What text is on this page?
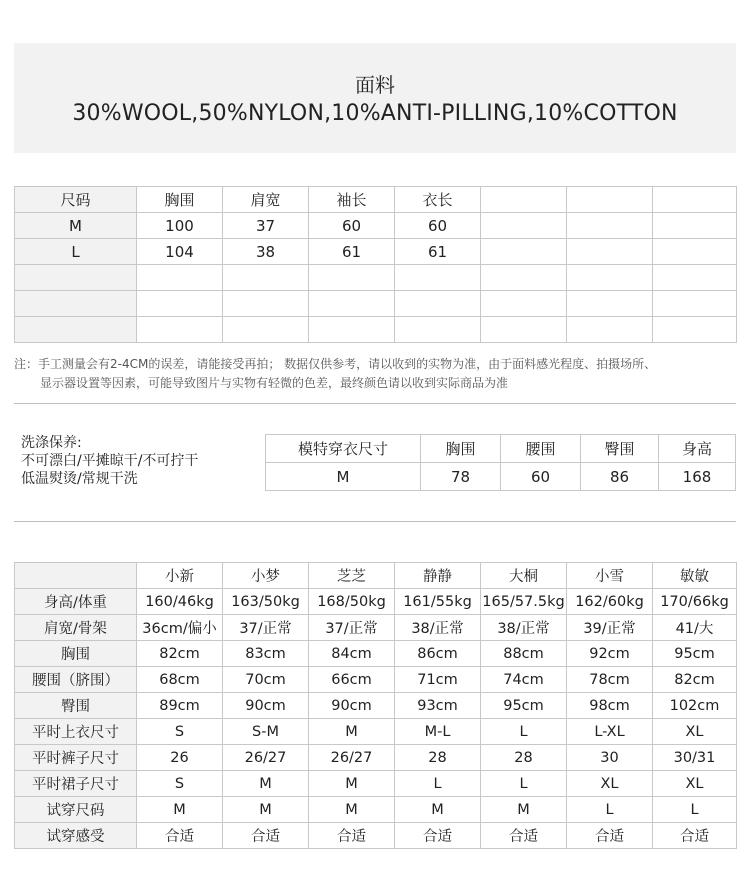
面料
30%WOOL,50%NYLON,10%ANTI-PILLING,10%COTTON
尺码	胸围	肩宽	袖长	衣长			
M	100	37	60	60			
L	104	38	61	61			

注：手工测量会有2-4CM的误差，请能接受再拍； 数据仅供参考，请以收到的实物为准，由于面料感光程度、拍摄场所、
显示器设置等因素，可能导致图片与实物有轻微的色差，最终颜色请以收到实际商品为准
洗涤保养:
不可漂白/平摊晾干/不可拧干
低温熨烫/常规干洗
模特穿衣尺寸	胸围	腰围	臀围	身高
M	78	60	86	168
	小新	小梦	芝芝	静静	大桐	小雪	敏敏
身高/体重	160/46kg	163/50kg	168/50kg	161/55kg	165/57.5kg	162/60kg	170/66kg
肩宽/骨架	36cm/偏小	37/正常	37/正常	38/正常	38/正常	39/正常	41/大
胸围	82cm	83cm	84cm	86cm	88cm	92cm	95cm
腰围（脐围）	68cm	70cm	66cm	71cm	74cm	78cm	82cm
臀围	89cm	90cm	90cm	93cm	95cm	98cm	102cm
平时上衣尺寸	S	S-M	M	M-L	L	L-XL	XL
平时裤子尺寸	26	26/27	26/27	28	28	30	30/31
平时裙子尺寸	S	M	M	L	L	XL	XL
试穿尺码	M	M	M	M	M	L	L
试穿感受	合适	合适	合适	合适	合适	合适	合适
